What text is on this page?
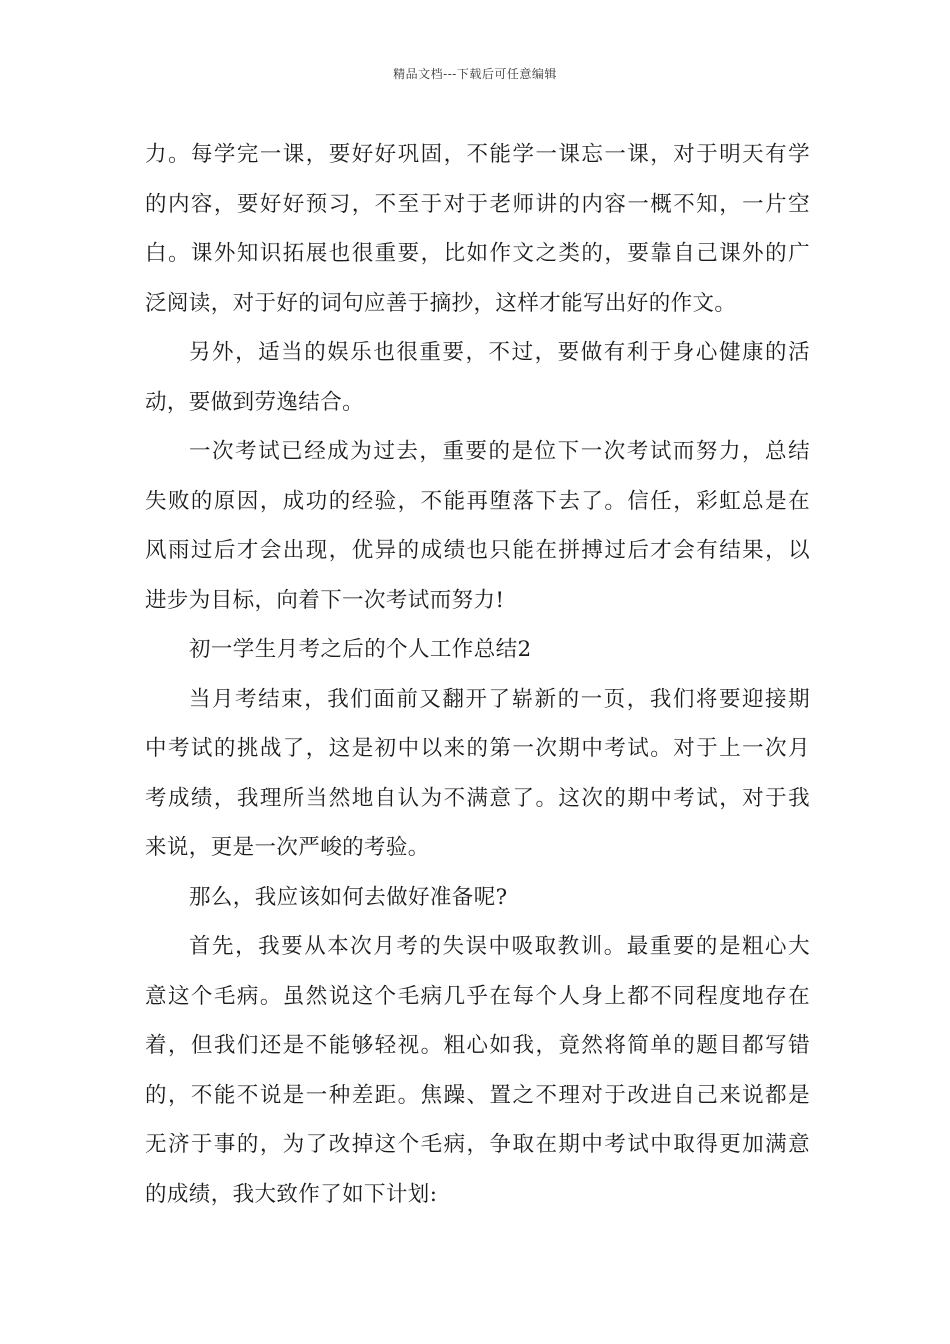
精品文档---下载后可任意编辑
力。每学完一课，要好好巩固，不能学一课忘一课，对于明天有学
的内容，要好好预习，不至于对于老师讲的内容一概不知，一片空
白。课外知识拓展也很重要，比如作文之类的，要靠自己课外的广
泛阅读，对于好的词句应善于摘抄，这样才能写出好的作文。
另外，适当的娱乐也很重要，不过，要做有利于身心健康的活
动，要做到劳逸结合。
一次考试已经成为过去，重要的是位下一次考试而努力，总结
失败的原因，成功的经验，不能再堕落下去了。信任，彩虹总是在
风雨过后才会出现，优异的成绩也只能在拼搏过后才会有结果，以
进步为目标，向着下一次考试而努力!
初一学生月考之后的个人工作总结2
当月考结束，我们面前又翻开了崭新的一页，我们将要迎接期
中考试的挑战了，这是初中以来的第一次期中考试。对于上一次月
考成绩，我理所当然地自认为不满意了。这次的期中考试，对于我
来说，更是一次严峻的考验。
那么，我应该如何去做好准备呢?
首先，我要从本次月考的失误中吸取教训。最重要的是粗心大
意这个毛病。虽然说这个毛病几乎在每个人身上都不同程度地存在
着，但我们还是不能够轻视。粗心如我，竟然将简单的题目都写错
的，不能不说是一种差距。焦躁、置之不理对于改进自己来说都是
无济于事的，为了改掉这个毛病，争取在期中考试中取得更加满意
的成绩，我大致作了如下计划:
